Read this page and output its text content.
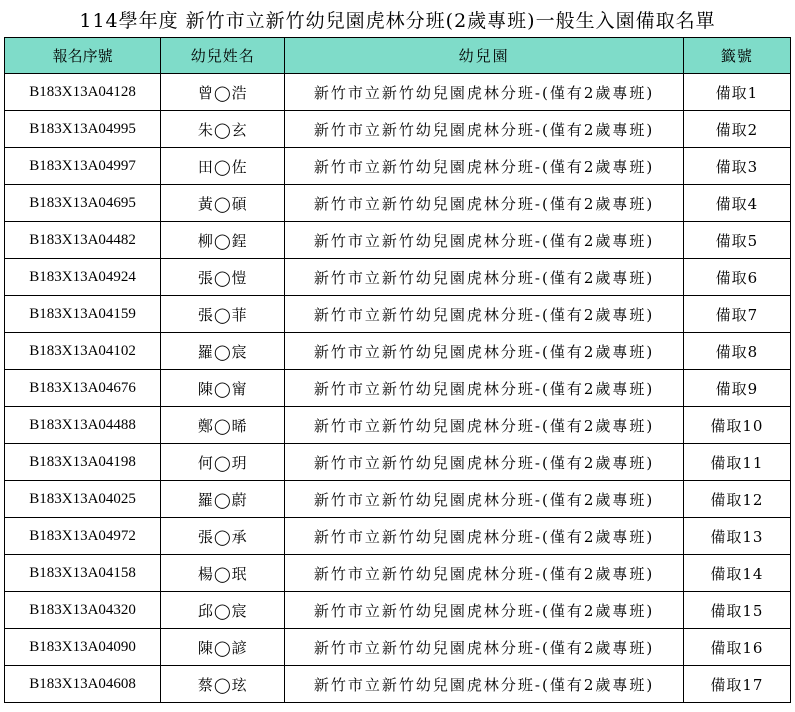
114學年度 新竹市立新竹幼兒園虎林分班(2歲專班)一般生入園備取名單
報名序號	幼兒姓名	幼兒園	籤號
B183X13A04128	曾◯浩	新竹市立新竹幼兒園虎林分班-(僅有2歲專班)	備取1
B183X13A04995	朱◯玄	新竹市立新竹幼兒園虎林分班-(僅有2歲專班)	備取2
B183X13A04997	田◯佐	新竹市立新竹幼兒園虎林分班-(僅有2歲專班)	備取3
B183X13A04695	黃◯碩	新竹市立新竹幼兒園虎林分班-(僅有2歲專班)	備取4
B183X13A04482	柳◯鋥	新竹市立新竹幼兒園虎林分班-(僅有2歲專班)	備取5
B183X13A04924	張◯愷	新竹市立新竹幼兒園虎林分班-(僅有2歲專班)	備取6
B183X13A04159	張◯菲	新竹市立新竹幼兒園虎林分班-(僅有2歲專班)	備取7
B183X13A04102	羅◯宸	新竹市立新竹幼兒園虎林分班-(僅有2歲專班)	備取8
B183X13A04676	陳◯甯	新竹市立新竹幼兒園虎林分班-(僅有2歲專班)	備取9
B183X13A04488	鄭◯晞	新竹市立新竹幼兒園虎林分班-(僅有2歲專班)	備取10
B183X13A04198	何◯玥	新竹市立新竹幼兒園虎林分班-(僅有2歲專班)	備取11
B183X13A04025	羅◯蔚	新竹市立新竹幼兒園虎林分班-(僅有2歲專班)	備取12
B183X13A04972	張◯承	新竹市立新竹幼兒園虎林分班-(僅有2歲專班)	備取13
B183X13A04158	楊◯珉	新竹市立新竹幼兒園虎林分班-(僅有2歲專班)	備取14
B183X13A04320	邱◯宸	新竹市立新竹幼兒園虎林分班-(僅有2歲專班)	備取15
B183X13A04090	陳◯諺	新竹市立新竹幼兒園虎林分班-(僅有2歲專班)	備取16
B183X13A04608	蔡◯玹	新竹市立新竹幼兒園虎林分班-(僅有2歲專班)	備取17
